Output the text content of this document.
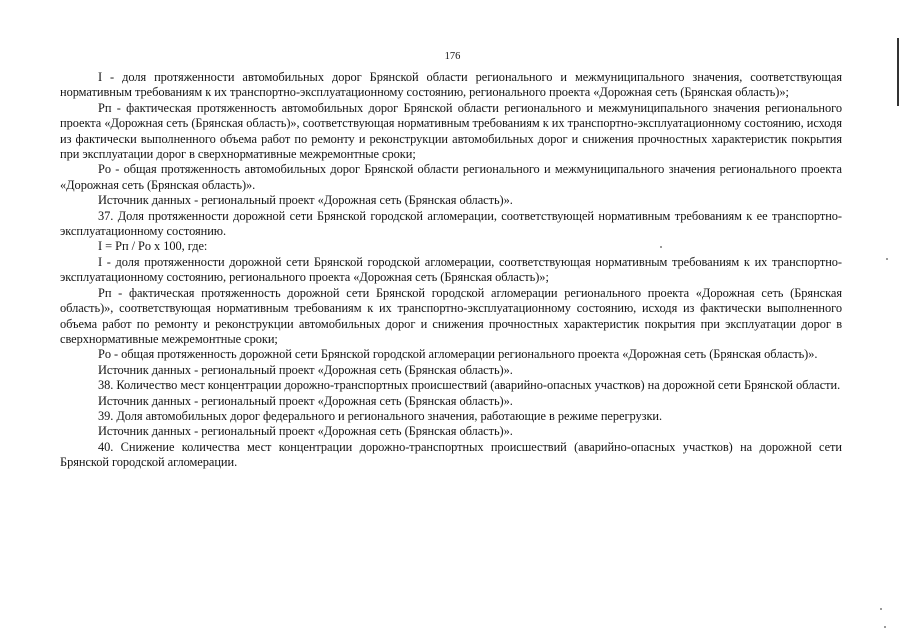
176

I - доля протяженности автомобильных дорог Брянской области регионального и межмуниципального значения, соответствующая нормативным требованиям к их транспортно-эксплуатационному состоянию, регионального проекта «Дорожная сеть (Брянская область)»;

Pп - фактическая протяженность автомобильных дорог Брянской области регионального и межмуниципального значения регионального проекта «Дорожная сеть (Брянская область)», соответствующая нормативным требованиям к их транспортно-эксплуатационному состоянию, исходя из фактически выполненного объема работ по ремонту и реконструкции автомобильных дорог и снижения прочностных характеристик покрытия при эксплуатации дорог в сверхнормативные межремонтные сроки;

Pо - общая протяженность автомобильных дорог Брянской области регионального и межмуниципального значения регионального проекта «Дорожная сеть (Брянская область)».

Источник данных - региональный проект «Дорожная сеть (Брянская область)».

37. Доля протяженности дорожной сети Брянской городской агломерации, соответствующей нормативным требованиям к ее транспортно-эксплуатационному состоянию.

I = Pп / Pо x 100, где:

I - доля протяженности дорожной сети Брянской городской агломерации, соответствующая нормативным требованиям к их транспортно-эксплуатационному состоянию, регионального проекта «Дорожная сеть (Брянская область)»;

Pп - фактическая протяженность дорожной сети Брянской городской агломерации регионального проекта «Дорожная сеть (Брянская область)», соответствующая нормативным требованиям к их транспортно-эксплуатационному состоянию, исходя из фактически выполненного объема работ по ремонту и реконструкции автомобильных дорог и снижения прочностных характеристик покрытия при эксплуатации дорог в сверхнормативные межремонтные сроки;

Pо - общая протяженность дорожной сети Брянской городской агломерации регионального проекта «Дорожная сеть (Брянская область)».

Источник данных - региональный проект «Дорожная сеть (Брянская область)».

38. Количество мест концентрации дорожно-транспортных происшествий (аварийно-опасных участков) на дорожной сети Брянской области.

Источник данных - региональный проект «Дорожная сеть (Брянская область)».

39. Доля автомобильных дорог федерального и регионального значения, работающие в режиме перегрузки.

Источник данных - региональный проект «Дорожная сеть (Брянская область)».

40. Снижение количества мест концентрации дорожно-транспортных происшествий (аварийно-опасных участков) на дорожной сети Брянской городской агломерации.
